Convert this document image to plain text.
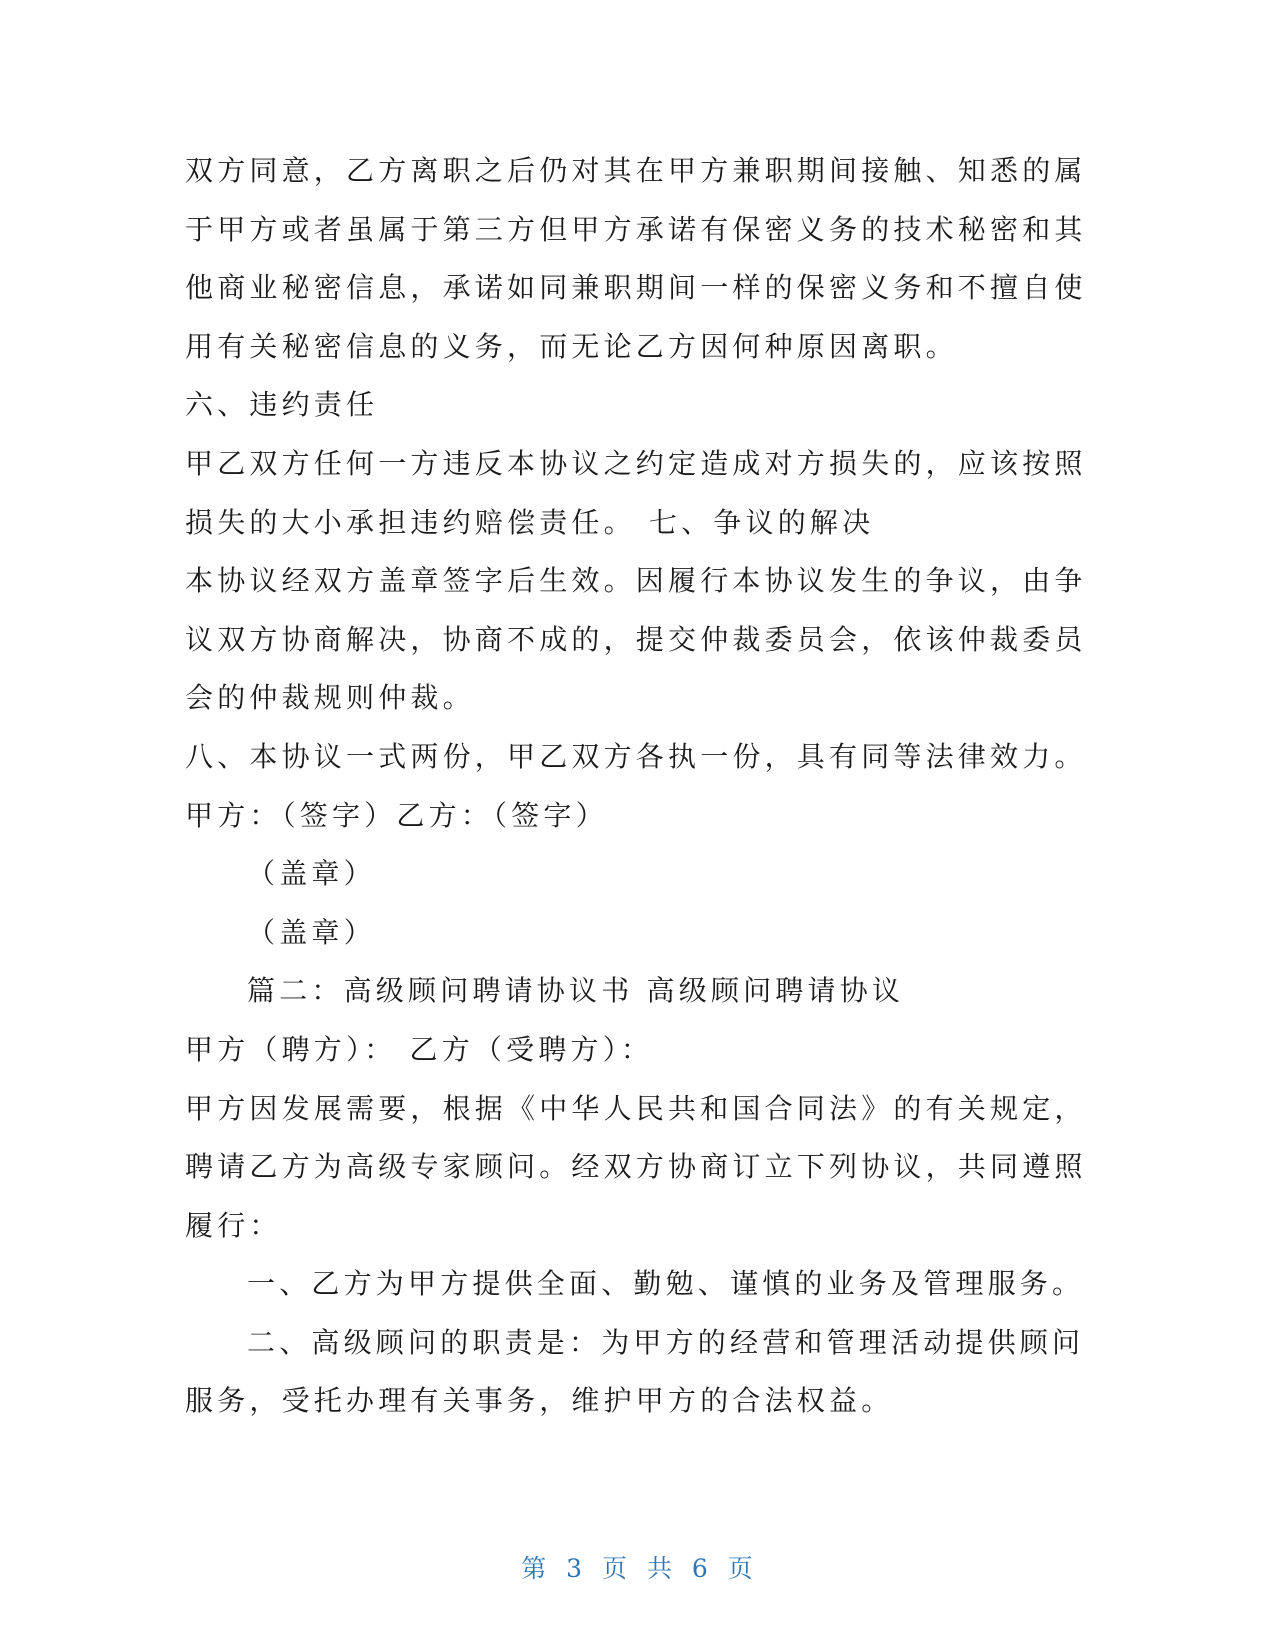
双方同意，乙方离职之后仍对其在甲方兼职期间接触、知悉的属
于甲方或者虽属于第三方但甲方承诺有保密义务的技术秘密和其
他商业秘密信息，承诺如同兼职期间一样的保密义务和不擅自使
用有关秘密信息的义务，而无论乙方因何种原因离职。
六、违约责任
甲乙双方任何一方违反本协议之约定造成对方损失的，应该按照
损失的大小承担违约赔偿责任。 七、争议的解决
本协议经双方盖章签字后生效。因履行本协议发生的争议，由争
议双方协商解决，协商不成的，提交仲裁委员会，依该仲裁委员
会的仲裁规则仲裁。
八、本协议一式两份，甲乙双方各执一份，具有同等法律效力。
甲方：（签字）乙方：（签字）
（盖章）
（盖章）
篇二：高级顾问聘请协议书 高级顾问聘请协议
甲方（聘方）： 乙方（受聘方）：
甲方因发展需要，根据《中华人民共和国合同法》的有关规定，
聘请乙方为高级专家顾问。经双方协商订立下列协议，共同遵照
履行：
一、乙方为甲方提供全面、勤勉、谨慎的业务及管理服务。
二、高级顾问的职责是：为甲方的经营和管理活动提供顾问
服务，受托办理有关事务，维护甲方的合法权益。
第 3 页 共 6 页
